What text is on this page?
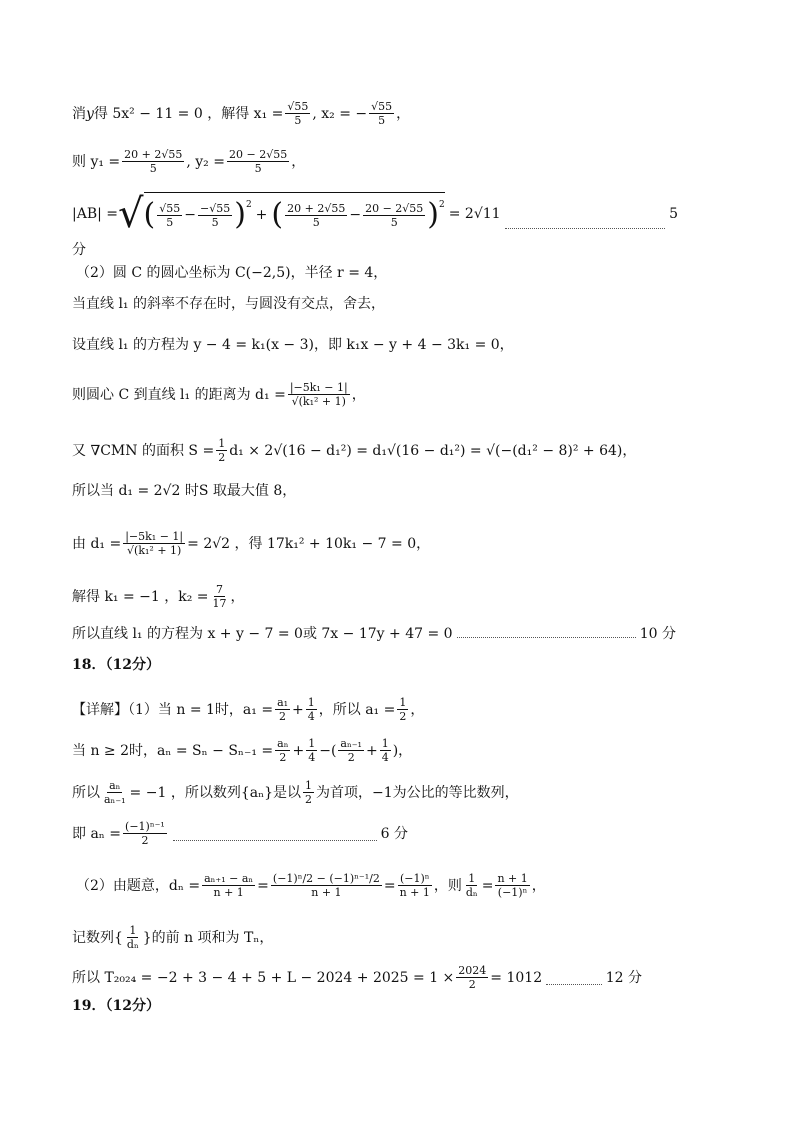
消 y 得 5x² − 11 = 0 ，解得 $x_1 = \frac{√55}{5}$ , x₂ = − $\frac{√55}{5}$ ，
则 $y_1 = \frac{20 + 2√55}{5}$ , $y_2 = \frac{20 - 2√55}{5}$ ，
|AB| = √ ( $\frac{√55}{5} - \frac{-√55}{5} )^2$
+ ( $\frac{20 + 2√55}{5} - \frac{20 - 2√55}{5} )^2$
= 2√11	5
分
（2）圆 C 的圆心坐标为 C(−2,5)，半径 r = 4，
当直线 l₁ 的斜率不存在时，与圆没有交点，舍去，
设直线 l₁ 的方程为 y − 4 = k₁(x − 3)，即 k₁x − y + 4 − 3k₁ = 0，
则圆心 C 到直线 l₁ 的距离为 $d_1 = \frac{\text{|−5k₁ − 1|}}{\text{√(k₁² + 1)}}$ ，
又 ∇CMN 的面积 $S = \frac{1}{2} d_1 \times 2√(16 - d_1^2) = d_1√(16 - d_1^2) = √(-(d_1^2 - 8)^2 + 64)$，
所以当 d₁ = 2√2 时S 取最大值 8，
由 $d_1 = \frac{\text{|−5k₁ − 1|}}{\text{√(k₁² + 1)}} = 2√2$ ，得 17k₁² + 10k₁ − 7 = 0，
解得 k₁ = −1 ，$k_2 = \frac{7}{17}$ ，
所以直线 l₁ 的方程为 x + y − 7 = 0或 7x − 17y + 47 = 0	10 分
18．（12分）
【详解】（1）当 n = 1时，$a_1 = \frac{\text{a₁}}{2} + \frac{1}{4}$ ，所以 $a_1 = \frac{1}{2}$ ，
当 n ≥ 2时，$a_n = S_n - S_{n-1} = \frac{\text{aₙ}}{2} + \frac{1}{4}$ −( $\frac{\text{aₙ₋₁}}{2} + \frac{1}{4}$ )，
所以 $\frac{\text{aₙ}}{\text{aₙ₋₁}} = -1$ ，所以数列{aₙ}是以 $\frac{1}{2}$ 为首项，−1为公比的等比数列，
即 $a_n = \frac{\text{(−1)ⁿ⁻¹}}{2}$	6 分
（2）由题意，$d_n = \frac{\text{aₙ₊₁ − aₙ}}{n + 1} = \frac{\text{(−1)ⁿ/2 − (−1)ⁿ⁻¹/2}}{n + 1} = \frac{\text{(−1)ⁿ}}{n + 1}$ ，则 $\frac{1}{\text{dₙ}} = \frac{n + 1}{\text{(−1)ⁿ}}$ ，
记数列{ $\frac{1}{\text{dₙ}}$ }的前 n 项和为 Tₙ，
所以 $T_{2024} = -2 + 3 - 4 + 5 + L - 2024 + 2025 = 1 \times \frac{2024}{2} = 1012$	12 分
19．（12分）
